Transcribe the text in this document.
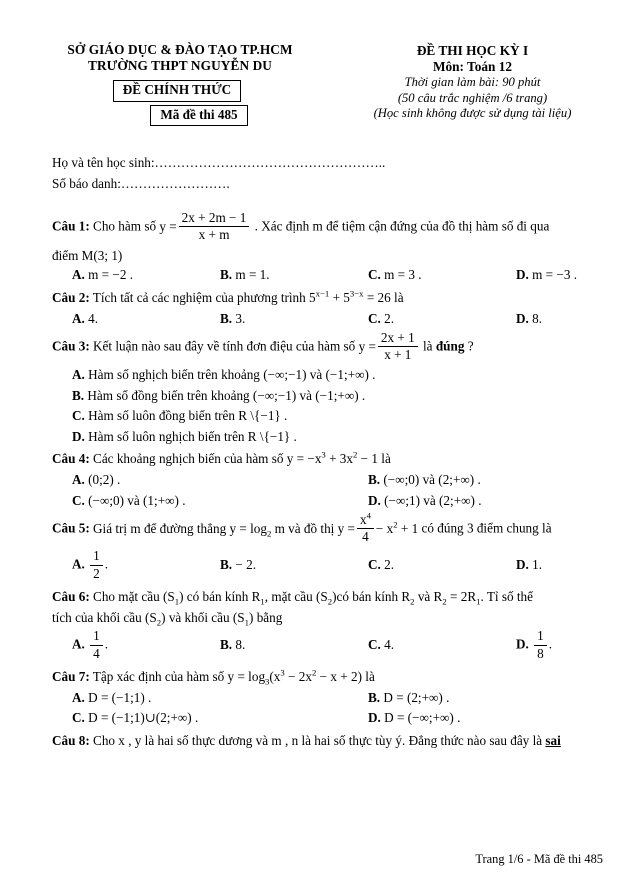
SỞ GIÁO DỤC & ĐÀO TẠO TP.HCM
TRƯỜNG THPT NGUYỄN DU
ĐỀ CHÍNH THỨC
Mã đề thi 485
ĐỀ THI HỌC KỲ I
Môn: Toán 12
Thời gian làm bài: 90 phút
(50 câu trắc nghiệm /6 trang)
(Học sinh không được sử dụng tài liệu)
Họ và tên học sinh:……………………………………………..
Số báo danh:…………………….
Câu 1: Cho hàm số $y = \frac{2x + 2m - 1}{x + m}$ . Xác định m để tiệm cận đứng của đồ thị hàm số đi qua
điểm M(3; 1)
A. m = −2 .	B. m = 1.	C. m = 3 .	D. m = −3 .
Câu 2: Tích tất cả các nghiệm của phương trình $5^{x-1} + 5^{3-x} = 26$ là
A. 4.	B. 3.	C. 2.	D. 8.
Câu 3: Kết luận nào sau đây về tính đơn điệu của hàm số $y = \frac{2x + 1}{x + 1}$ là đúng ?
A. Hàm số nghịch biến trên khoảng (−∞;−1) và (−1;+∞) .
B. Hàm số đồng biến trên khoảng (−∞;−1) và (−1;+∞) .
C. Hàm số luôn đồng biến trên R \{−1} .
D. Hàm số luôn nghịch biến trên R \{−1} .
Câu 4: Các khoảng nghịch biến của hàm số $y = -x^3 + 3x^2 - 1$ là
A. (0;2) .	B. (−∞;0) và (2;+∞) .
C. (−∞;0) và (1;+∞) .	D. (−∞;1) và (2;+∞) .
Câu 5: Giá trị m để đường thẳng $y = \log_2 m$ và đồ thị $y = \frac{x^4}{4} - x^2 + 1$ có đúng 3 điểm chung là
A. $\frac{1}{2}$ .	B. − 2.	C. 2.	D. 1.
Câu 6: Cho mặt cầu $(S_1)$ có bán kính $R_1$, mặt cầu $(S_2)có$ bán kính $R_2$ và $R_2 = 2R_1$. Tỉ số thể
tích của khối cầu $(S_2)$ và khối cầu $(S_1)$ bằng
A. $\frac{1}{4}$ .	B. 8.	C. 4.	D. $\frac{1}{8}$ .
Câu 7: Tập xác định của hàm số $y = \log_3(x^3 - 2x^2 - x + 2)$ là
A. D = (−1;1) .	B. D = (2;+∞) .
C. D = (−1;1)∪(2;+∞) .	D. D = (−∞;+∞) .
Câu 8: Cho x , y là hai số thực dương và m , n là hai số thực tùy ý. Đẳng thức nào sau đây là sai
Trang 1/6 - Mã đề thi 485
